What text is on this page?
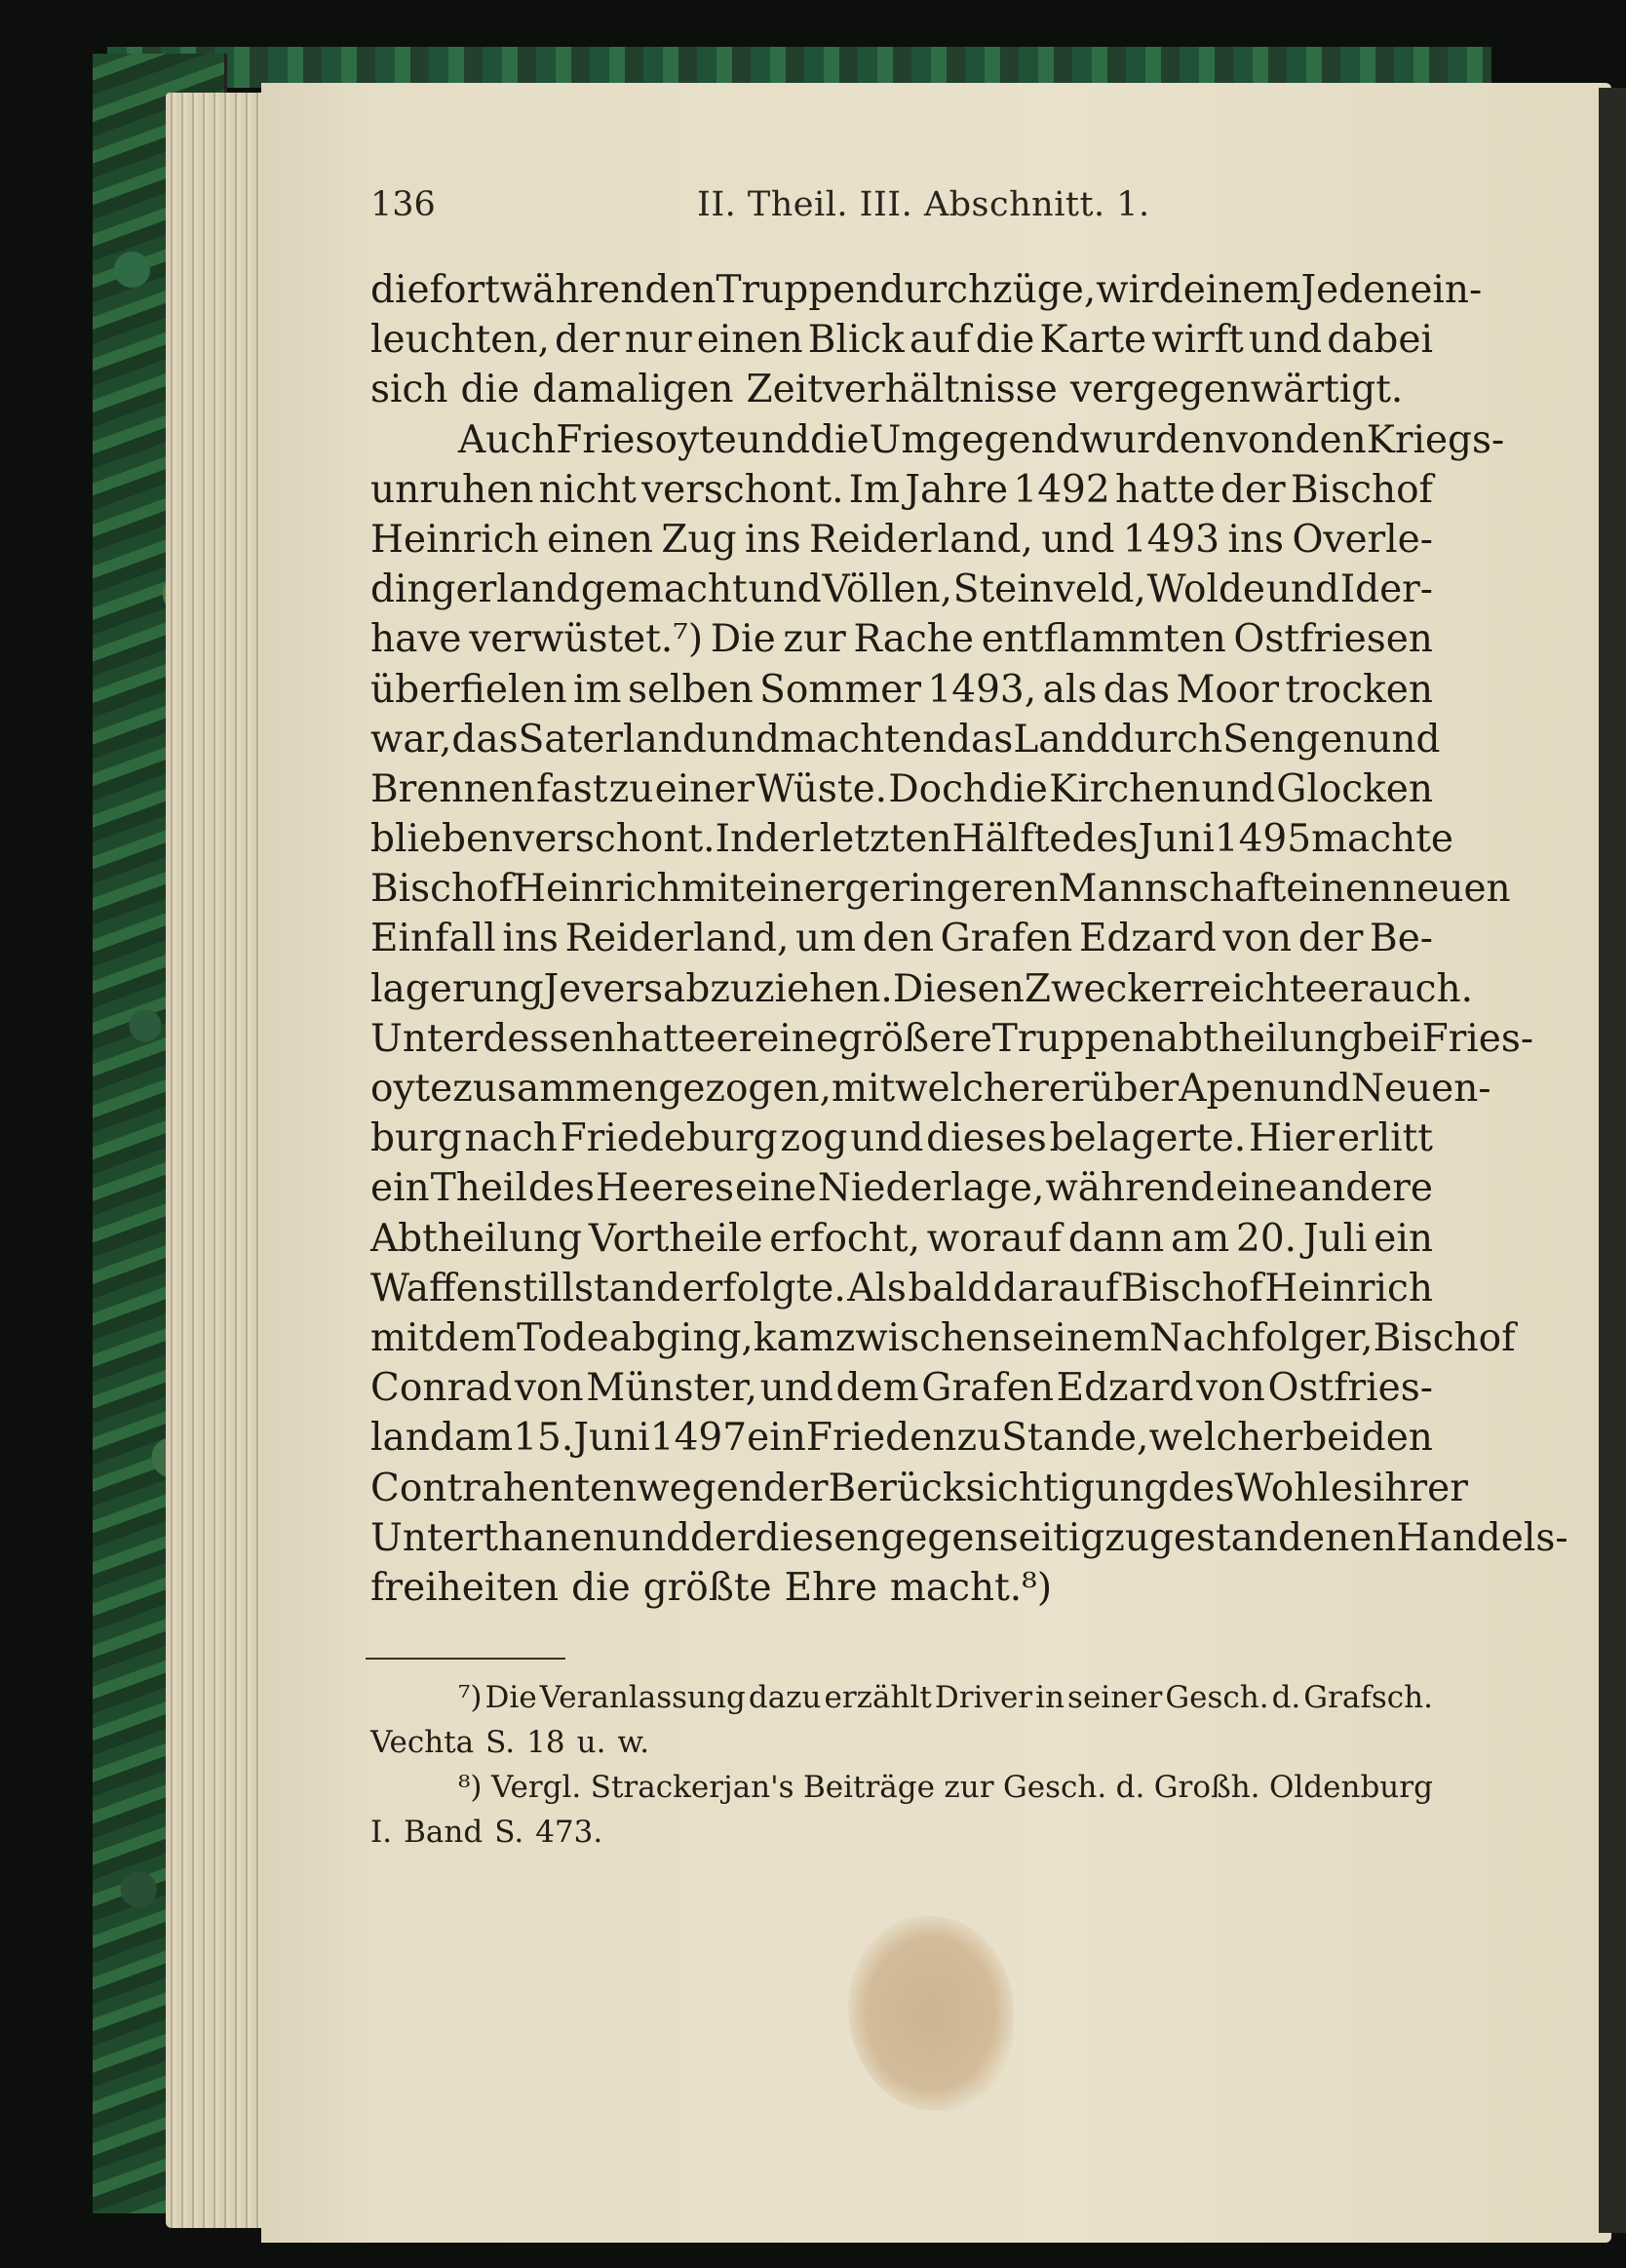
136	II. Theil. III. Abschnitt. 1.
die fortwährenden Truppendurchzüge, wird einem Jeden ein-
leuchten, der nur einen Blick auf die Karte wirft und dabei
sich die damaligen Zeitverhältnisse vergegenwärtigt.
Auch Friesoyte und die Umgegend wurden von den Kriegs-
unruhen nicht verschont. Im Jahre 1492 hatte der Bischof
Heinrich einen Zug ins Reiderland, und 1493 ins Overle-
dingerland gemacht und Völlen, Steinveld, Wolde und Ider-
have verwüstet.⁷) Die zur Rache entflammten Ostfriesen
überfielen im selben Sommer 1493, als das Moor trocken
war, das Saterland und machten das Land durch Sengen und
Brennen fast zu einer Wüste. Doch die Kirchen und Glocken
blieben verschont. In der letzten Hälfte des Juni 1495 machte
Bischof Heinrich mit einer geringeren Mannschaft einen neuen
Einfall ins Reiderland, um den Grafen Edzard von der Be-
lagerung Jevers abzuziehen. Diesen Zweck erreichte er auch.
Unterdessen hatte er eine größere Truppenabtheilung bei Fries-
oyte zusammen gezogen, mit welcher er über Apen und Neuen-
burg nach Friedeburg zog und dieses belagerte. Hier erlitt
ein Theil des Heeres eine Niederlage, während eine andere
Abtheilung Vortheile erfocht, worauf dann am 20. Juli ein
Waffenstillstand erfolgte. Als bald darauf Bischof Heinrich
mit dem Tode abging, kam zwischen seinem Nachfolger, Bischof
Conrad von Münster, und dem Grafen Edzard von Ostfries-
land am 15. Juni 1497 ein Frieden zu Stande, welcher beiden
Contrahenten wegen der Berücksichtigung des Wohles ihrer
Unterthanen und der diesen gegenseitig zugestandenen Handels-
freiheiten die größte Ehre macht.⁸)
⁷) Die Veranlassung dazu erzählt Driver in seiner Gesch. d. Grafsch.
Vechta S. 18 u. w.
⁸) Vergl. Strackerjan's Beiträge zur Gesch. d. Großh. Oldenburg
I. Band S. 473.
